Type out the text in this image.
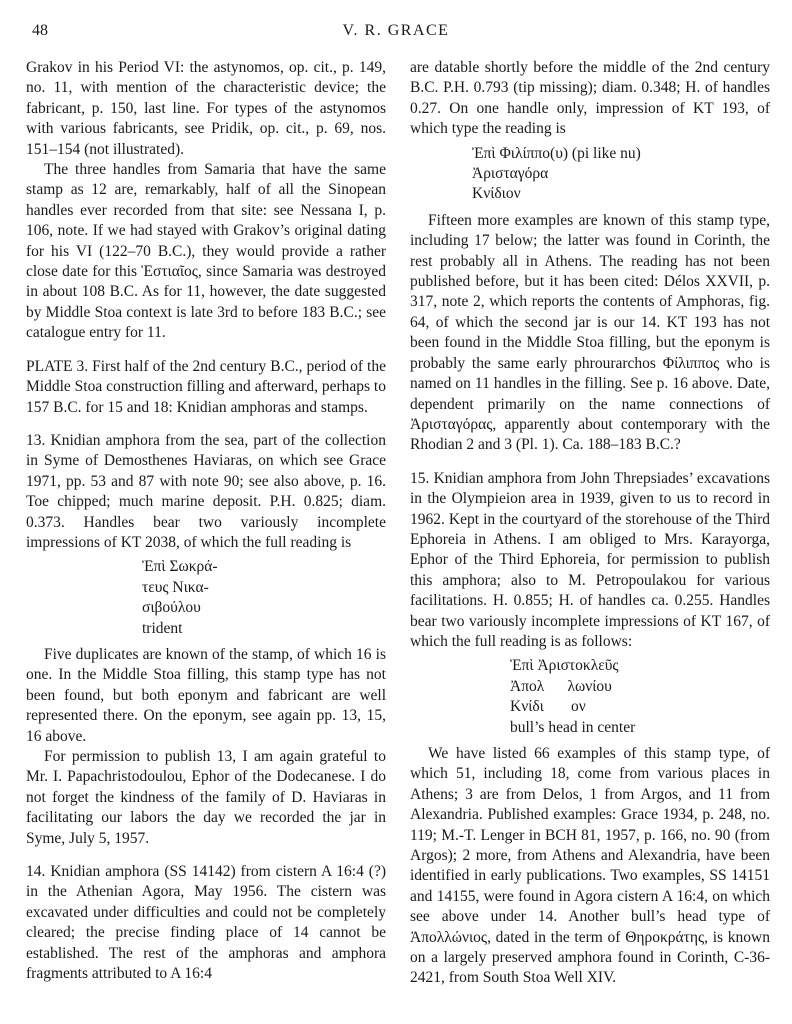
48	V. R. GRACE

Grakov in his Period VI: the astynomos, op. cit., p. 149, no. 11, with mention of the characteristic device; the fabricant, p. 150, last line. For types of the astynomos with various fabricants, see Pridik, op. cit., p. 69, nos. 151–154 (not illustrated).

The three handles from Samaria that have the same stamp as 12 are, remarkably, half of all the Sinopean handles ever recorded from that site: see Nessana I, p. 106, note. If we had stayed with Grakov’s original dating for his VI (122–70 B.C.), they would provide a rather close date for this Ἑστιαῖος, since Samaria was destroyed in about 108 B.C. As for 11, however, the date suggested by Middle Stoa context is late 3rd to before 183 B.C.; see catalogue entry for 11.

PLATE 3. First half of the 2nd century B.C., period of the Middle Stoa construction filling and afterward, perhaps to 157 B.C. for 15 and 18: Knidian amphoras and stamps.

13. Knidian amphora from the sea, part of the collection in Syme of Demosthenes Haviaras, on which see Grace 1971, pp. 53 and 87 with note 90; see also above, p. 16. Toe chipped; much marine deposit. P.H. 0.825; diam. 0.373. Handles bear two variously incomplete impressions of KT 2038, of which the full reading is

Ἐπὶ Σωκρά-
τευς Νικα-
σιβούλου
trident

Five duplicates are known of the stamp, of which 16 is one. In the Middle Stoa filling, this stamp type has not been found, but both eponym and fabricant are well represented there. On the eponym, see again pp. 13, 15, 16 above.

For permission to publish 13, I am again grateful to Mr. I. Papachristodoulou, Ephor of the Dodecanese. I do not forget the kindness of the family of D. Haviaras in facilitating our labors the day we recorded the jar in Syme, July 5, 1957.

14. Knidian amphora (SS 14142) from cistern A 16:4 (?) in the Athenian Agora, May 1956. The cistern was excavated under difficulties and could not be completely cleared; the precise finding place of 14 cannot be established. The rest of the amphoras and amphora fragments attributed to A 16:4

are datable shortly before the middle of the 2nd century B.C. P.H. 0.793 (tip missing); diam. 0.348; H. of handles 0.27. On one handle only, impression of KT 193, of which type the reading is

Ἐπὶ Φιλίππο(υ) (pi like nu)
Ἀρισταγόρα
Κνίδιον

Fifteen more examples are known of this stamp type, including 17 below; the latter was found in Corinth, the rest probably all in Athens. The reading has not been published before, but it has been cited: Délos XXVII, p. 317, note 2, which reports the contents of Amphoras, fig. 64, of which the second jar is our 14. KT 193 has not been found in the Middle Stoa filling, but the eponym is probably the same early phrourarchos Φίλιππος who is named on 11 handles in the filling. See p. 16 above. Date, dependent primarily on the name connections of Ἀρισταγόρας, apparently about contemporary with the Rhodian 2 and 3 (Pl. 1). Ca. 188–183 B.C.?

15. Knidian amphora from John Threpsiades’ excavations in the Olympieion area in 1939, given to us to record in 1962. Kept in the courtyard of the storehouse of the Third Ephoreia in Athens. I am obliged to Mrs. Karayorga, Ephor of the Third Ephoreia, for permission to publish this amphora; also to M. Petropoulakou for various facilitations. H. 0.855; H. of handles ca. 0.255. Handles bear two variously incomplete impressions of KT 167, of which the full reading is as follows:

Ἐπὶ Ἀριστοκλεῦς
Ἀπολ      λωνίου
Κνίδι       ον
bull’s head in center

We have listed 66 examples of this stamp type, of which 51, including 18, come from various places in Athens; 3 are from Delos, 1 from Argos, and 11 from Alexandria. Published examples: Grace 1934, p. 248, no. 119; M.-T. Lenger in BCH 81, 1957, p. 166, no. 90 (from Argos); 2 more, from Athens and Alexandria, have been identified in early publications. Two examples, SS 14151 and 14155, were found in Agora cistern A 16:4, on which see above under 14. Another bull’s head type of Ἀπολλώνιος, dated in the term of Θηροκράτης, is known on a largely preserved amphora found in Corinth, C-36-2421, from South Stoa Well XIV.
